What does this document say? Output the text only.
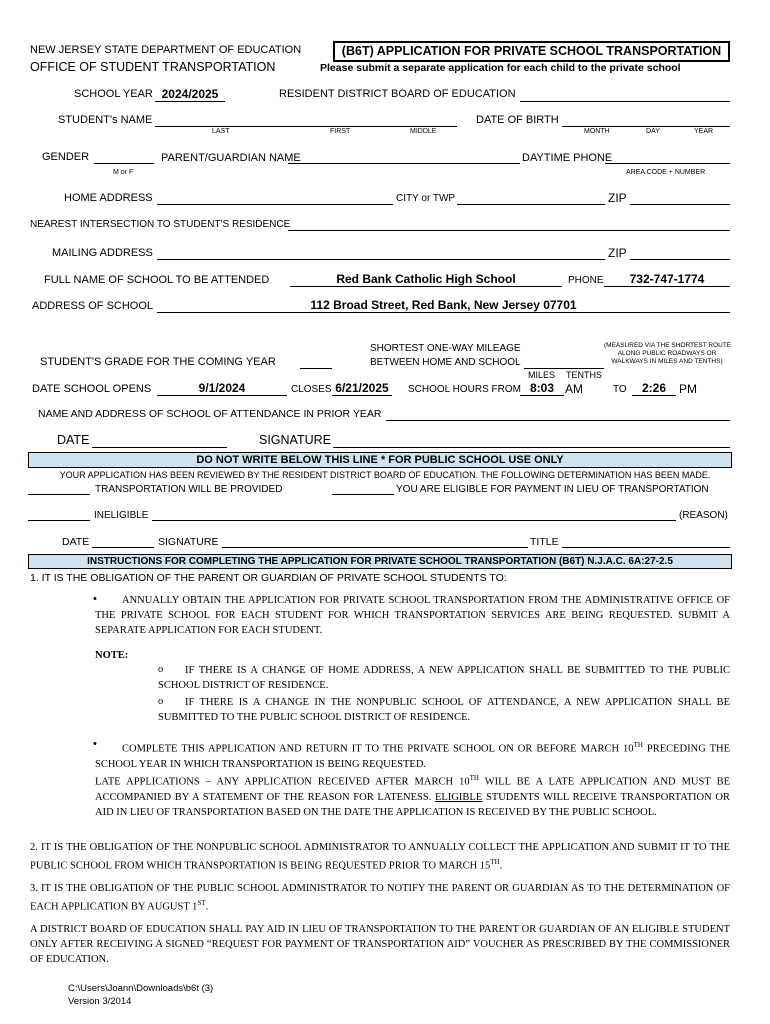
NEW JERSEY STATE DEPARTMENT OF EDUCATION
OFFICE OF STUDENT TRANSPORTATION
(B6T) APPLICATION FOR PRIVATE SCHOOL TRANSPORTATION
Please submit a separate application for each child to the private school
SCHOOL YEAR 2024/2025	RESIDENT DISTRICT BOARD OF EDUCATION
STUDENT's NAME
LAST	FIRST	MIDDLE
DATE OF BIRTH
MONTH	DAY	YEAR
GENDER
M or F
PARENT/GUARDIAN NAME	DAYTIME PHONE
AREA CODE + NUMBER
HOME ADDRESS	CITY or TWP	ZIP
NEAREST INTERSECTION TO STUDENT'S RESIDENCE
MAILING ADDRESS	ZIP
FULL NAME OF SCHOOL TO BE ATTENDED	Red Bank Catholic High School	PHONE	732-747-1774
ADDRESS OF SCHOOL	112 Broad Street, Red Bank, New Jersey 07701
STUDENT'S GRADE FOR THE COMING YEAR
SHORTEST ONE-WAY MILEAGE
BETWEEN HOME AND SCHOOL
MILES TENTHS
(MEASURED VIA THE SHORTEST ROUTE
ALONG PUBLIC ROADWAYS OR
WALKWAYS IN MILES AND TENTHS)
DATE SCHOOL OPENS	9/1/2024	CLOSES 6/21/2025	SCHOOL HOURS FROM 8:03 AM	TO	2:26	PM
NAME AND ADDRESS OF SCHOOL OF ATTENDANCE IN PRIOR YEAR
DATE	SIGNATURE
DO NOT WRITE BELOW THIS LINE * FOR PUBLIC SCHOOL USE ONLY
YOUR APPLICATION HAS BEEN REVIEWED BY THE RESIDENT DISTRICT BOARD OF EDUCATION. THE FOLLOWING DETERMINATION HAS BEEN MADE.
TRANSPORTATION WILL BE PROVIDED	YOU ARE ELIGIBLE FOR PAYMENT IN LIEU OF TRANSPORTATION
INELIGIBLE	(REASON)
DATE	SIGNATURE	TITLE
INSTRUCTIONS FOR COMPLETING THE APPLICATION FOR PRIVATE SCHOOL TRANSPORTATION (B6T) N.J.A.C. 6A:27-2.5
1. IT IS THE OBLIGATION OF THE PARENT OR GUARDIAN OF PRIVATE SCHOOL STUDENTS TO:
•	ANNUALLY OBTAIN THE APPLICATION FOR PRIVATE SCHOOL TRANSPORTATION FROM THE ADMINISTRATIVE OFFICE OF THE PRIVATE SCHOOL FOR EACH STUDENT FOR WHICH TRANSPORTATION SERVICES ARE BEING REQUESTED. SUBMIT A SEPARATE APPLICATION FOR EACH STUDENT.
NOTE:
o	IF THERE IS A CHANGE OF HOME ADDRESS, A NEW APPLICATION SHALL BE SUBMITTED TO THE PUBLIC SCHOOL DISTRICT OF RESIDENCE.
o	IF THERE IS A CHANGE IN THE NONPUBLIC SCHOOL OF ATTENDANCE, A NEW APPLICATION SHALL BE SUBMITTED TO THE PUBLIC SCHOOL DISTRICT OF RESIDENCE.
•	COMPLETE THIS APPLICATION AND RETURN IT TO THE PRIVATE SCHOOL ON OR BEFORE MARCH 10TH PRECEDING THE SCHOOL YEAR IN WHICH TRANSPORTATION IS BEING REQUESTED.
LATE APPLICATIONS – ANY APPLICATION RECEIVED AFTER MARCH 10TH WILL BE A LATE APPLICATION AND MUST BE ACCOMPANIED BY A STATEMENT OF THE REASON FOR LATENESS. ELIGIBLE STUDENTS WILL RECEIVE TRANSPORTATION OR AID IN LIEU OF TRANSPORTATION BASED ON THE DATE THE APPLICATION IS RECEIVED BY THE PUBLIC SCHOOL.
2. IT IS THE OBLIGATION OF THE NONPUBLIC SCHOOL ADMINISTRATOR TO ANNUALLY COLLECT THE APPLICATION AND SUBMIT IT TO THE PUBLIC SCHOOL FROM WHICH TRANSPORTATION IS BEING REQUESTED PRIOR TO MARCH 15TH.
3. IT IS THE OBLIGATION OF THE PUBLIC SCHOOL ADMINISTRATOR TO NOTIFY THE PARENT OR GUARDIAN AS TO THE DETERMINATION OF EACH APPLICATION BY AUGUST 1ST.
A DISTRICT BOARD OF EDUCATION SHALL PAY AID IN LIEU OF TRANSPORTATION TO THE PARENT OR GUARDIAN OF AN ELIGIBLE STUDENT ONLY AFTER RECEIVING A SIGNED “REQUEST FOR PAYMENT OF TRANSPORTATION AID” VOUCHER AS PRESCRIBED BY THE COMMISSIONER OF EDUCATION.
C:\Users\Joann\Downloads\b6t (3)
Version 3/2014
